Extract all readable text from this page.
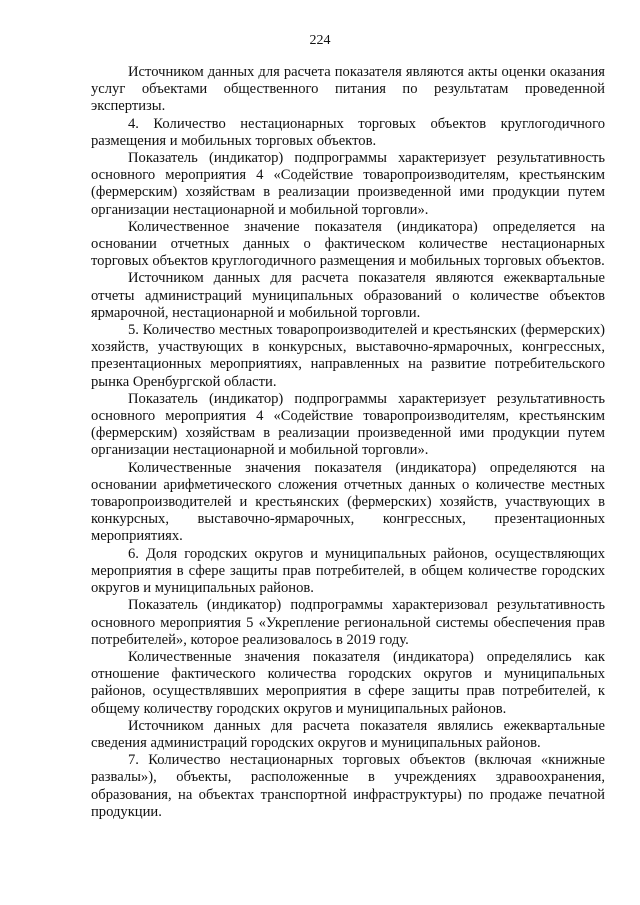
224

Источником данных для расчета показателя являются акты оценки оказания услуг объектами общественного питания по результатам проведенной экспертизы.

4. Количество нестационарных торговых объектов круглогодичного размещения и мобильных торговых объектов.

Показатель (индикатор) подпрограммы характеризует результативность основного мероприятия 4 «Содействие товаропроизводителям, крестьянским (фермерским) хозяйствам в реализации произведенной ими продукции путем организации нестационарной и мобильной торговли».

Количественное значение показателя (индикатора) определяется на основании отчетных данных о фактическом количестве нестационарных торговых объектов круглогодичного размещения и мобильных торговых объектов.

Источником данных для расчета показателя являются ежеквартальные отчеты администраций муниципальных образований о количестве объектов ярмарочной, нестационарной и мобильной торговли.

5. Количество местных товаропроизводителей и крестьянских (фермерских) хозяйств, участвующих в конкурсных, выставочно-ярмарочных, конгрессных, презентационных мероприятиях, направленных на развитие потребительского рынка Оренбургской области.

Показатель (индикатор) подпрограммы характеризует результативность основного мероприятия 4 «Содействие товаропроизводителям, крестьянским (фермерским) хозяйствам в реализации произведенной ими продукции путем организации нестационарной и мобильной торговли».

Количественные значения показателя (индикатора) определяются на основании арифметического сложения отчетных данных о количестве местных товаропроизводителей и крестьянских (фермерских) хозяйств, участвующих в конкурсных, выставочно-ярмарочных, конгрессных, презентационных мероприятиях.

6. Доля городских округов и муниципальных районов, осуществляющих мероприятия в сфере защиты прав потребителей, в общем количестве городских округов и муниципальных районов.

Показатель (индикатор) подпрограммы характеризовал результативность основного мероприятия 5 «Укрепление региональной системы обеспечения прав потребителей», которое реализовалось в 2019 году.

Количественные значения показателя (индикатора) определялись как отношение фактического количества городских округов и муниципальных районов, осуществлявших мероприятия в сфере защиты прав потребителей, к общему количеству городских округов и муниципальных районов.

Источником данных для расчета показателя являлись ежеквартальные сведения администраций городских округов и муниципальных районов.

7. Количество нестационарных торговых объектов (включая «книжные развалы»), объекты, расположенные в учреждениях здравоохранения, образования, на объектах транспортной инфраструктуры) по продаже печатной продукции.
